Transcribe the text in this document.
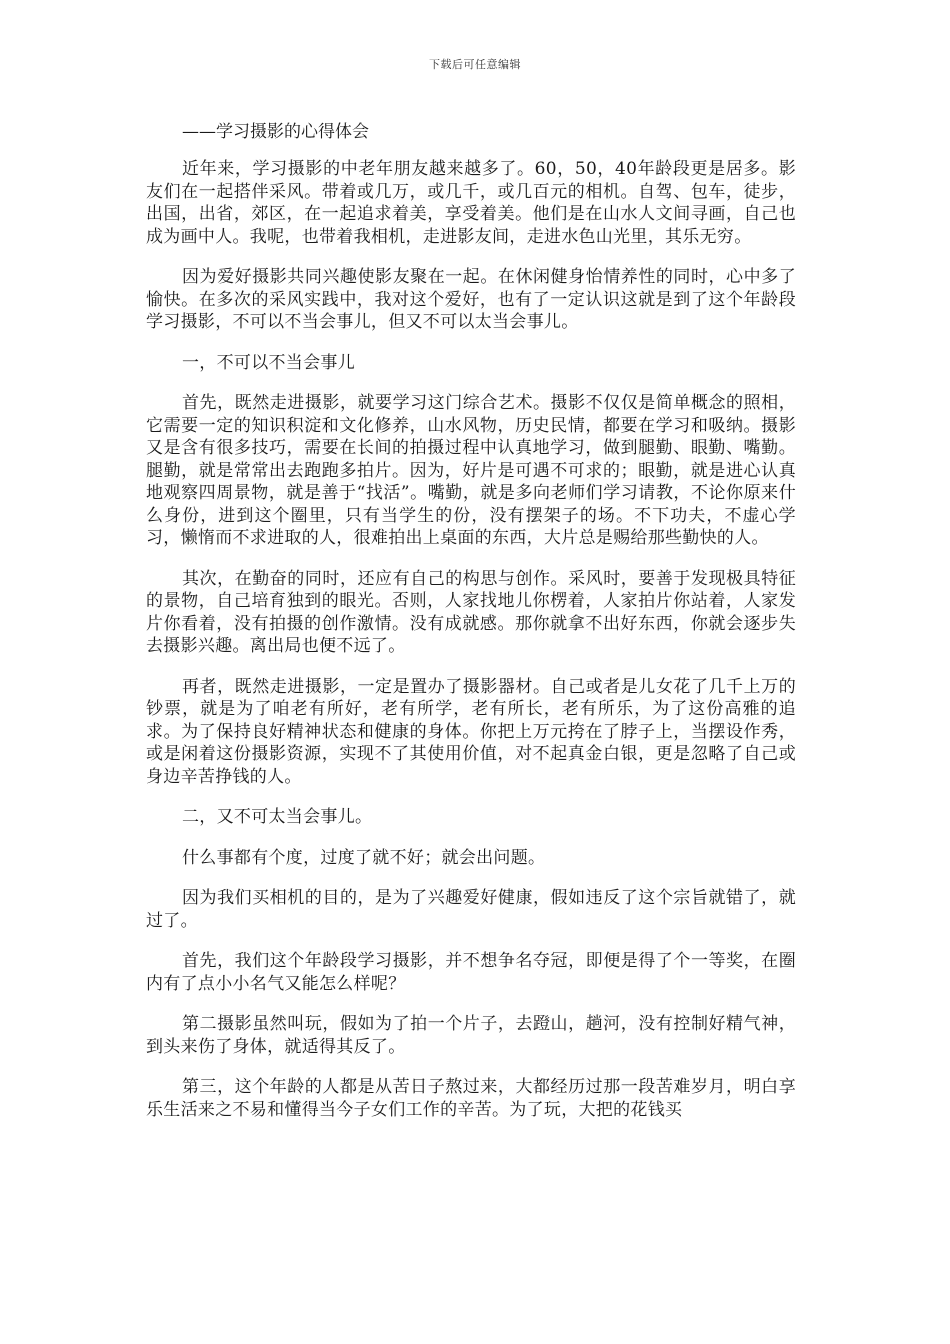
下载后可任意编辑
——学习摄影的心得体会

近年来，学习摄影的中老年朋友越来越多了。60，50，40年龄段更是居多。影友们在一起搭伴采风。带着或几万，或几千，或几百元的相机。自驾、包车，徒步，出国，出省，郊区，在一起追求着美，享受着美。他们是在山水人文间寻画，自己也成为画中人。我呢，也带着我相机，走进影友间，走进水色山光里，其乐无穷。

因为爱好摄影共同兴趣使影友聚在一起。在休闲健身怡情养性的同时，心中多了愉快。在多次的采风实践中，我对这个爱好，也有了一定认识这就是到了这个年龄段学习摄影，不可以不当会事儿，但又不可以太当会事儿。

一，不可以不当会事儿

首先，既然走进摄影，就要学习这门综合艺术。摄影不仅仅是简单概念的照相，它需要一定的知识积淀和文化修养，山水风物，历史民情，都要在学习和吸纳。摄影又是含有很多技巧，需要在长间的拍摄过程中认真地学习，做到腿勤、眼勤、嘴勤。腿勤，就是常常出去跑跑多拍片。因为，好片是可遇不可求的；眼勤，就是进心认真地观察四周景物，就是善于“找活”。嘴勤，就是多向老师们学习请教，不论你原来什么身份，进到这个圈里，只有当学生的份，没有摆架子的场。不下功夫，不虚心学习，懒惰而不求进取的人，很难拍出上桌面的东西，大片总是赐给那些勤快的人。

其次，在勤奋的同时，还应有自己的构思与创作。采风时，要善于发现极具特征的景物，自己培育独到的眼光。否则，人家找地儿你楞着，人家拍片你站着，人家发片你看着，没有拍摄的创作激情。没有成就感。那你就拿不出好东西，你就会逐步失去摄影兴趣。离出局也便不远了。

再者，既然走进摄影，一定是置办了摄影器材。自己或者是儿女花了几千上万的钞票，就是为了咱老有所好，老有所学，老有所长，老有所乐，为了这份高雅的追求。为了保持良好精神状态和健康的身体。你把上万元挎在了脖子上，当摆设作秀，或是闲着这份摄影资源，实现不了其使用价值，对不起真金白银，更是忽略了自己或身边辛苦挣钱的人。

二，又不可太当会事儿。

什么事都有个度，过度了就不好；就会出问题。

因为我们买相机的目的，是为了兴趣爱好健康，假如违反了这个宗旨就错了，就过了。

首先，我们这个年龄段学习摄影，并不想争名夺冠，即便是得了个一等奖，在圈内有了点小小名气又能怎么样呢？

第二摄影虽然叫玩，假如为了拍一个片子，去蹬山，趟河，没有控制好精气神，到头来伤了身体，就适得其反了。

第三，这个年龄的人都是从苦日子熬过来，大都经历过那一段苦难岁月，明白享乐生活来之不易和懂得当今子女们工作的辛苦。为了玩，大把的花钱买
